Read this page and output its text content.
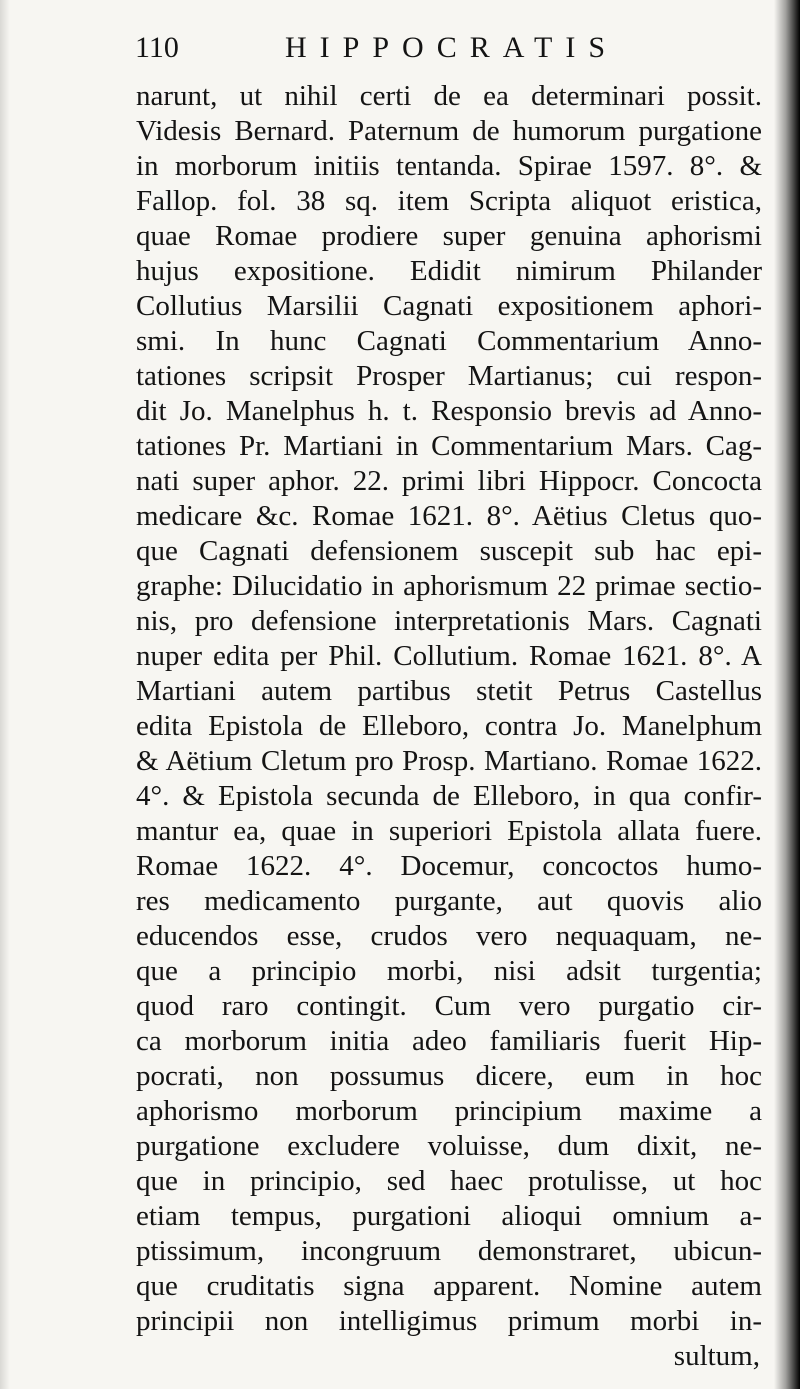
110	HIPPOCRATIS
narunt, ut nihil certi de ea determinari possit.
Videsis Bernard. Paternum de humorum purgatione
in morborum initiis tentanda. Spirae 1597. 8°. &
Fallop. fol. 38 sq. item Scripta aliquot eristica,
quae Romae prodiere super genuina aphorismi
hujus expositione. Edidit nimirum Philander
Collutius Marsilii Cagnati expositionem aphori-
smi. In hunc Cagnati Commentarium Anno-
tationes scripsit Prosper Martianus; cui respon-
dit Jo. Manelphus h. t. Responsio brevis ad Anno-
tationes Pr. Martiani in Commentarium Mars. Cag-
nati super aphor. 22. primi libri Hippocr. Concocta
medicare &c. Romae 1621. 8°. Aëtius Cletus quo-
que Cagnati defensionem suscepit sub hac epi-
graphe: Dilucidatio in aphorismum 22 primae sectio-
nis, pro defensione interpretationis Mars. Cagnati
nuper edita per Phil. Collutium. Romae 1621. 8°. A
Martiani autem partibus stetit Petrus Castellus
edita Epistola de Elleboro, contra Jo. Manelphum
& Aëtium Cletum pro Prosp. Martiano. Romae 1622.
4°. & Epistola secunda de Elleboro, in qua confir-
mantur ea, quae in superiori Epistola allata fuere.
Romae 1622. 4°. Docemur, concoctos humo-
res medicamento purgante, aut quovis alio
educendos esse, crudos vero nequaquam, ne-
que a principio morbi, nisi adsit turgentia;
quod raro contingit. Cum vero purgatio cir-
ca morborum initia adeo familiaris fuerit Hip-
pocrati, non possumus dicere, eum in hoc
aphorismo morborum principium maxime a
purgatione excludere voluisse, dum dixit, ne-
que in principio, sed haec protulisse, ut hoc
etiam tempus, purgationi alioqui omnium a-
ptissimum, incongruum demonstraret, ubicun-
que cruditatis signa apparent. Nomine autem
principii non intelligimus primum morbi in-
sultum,
